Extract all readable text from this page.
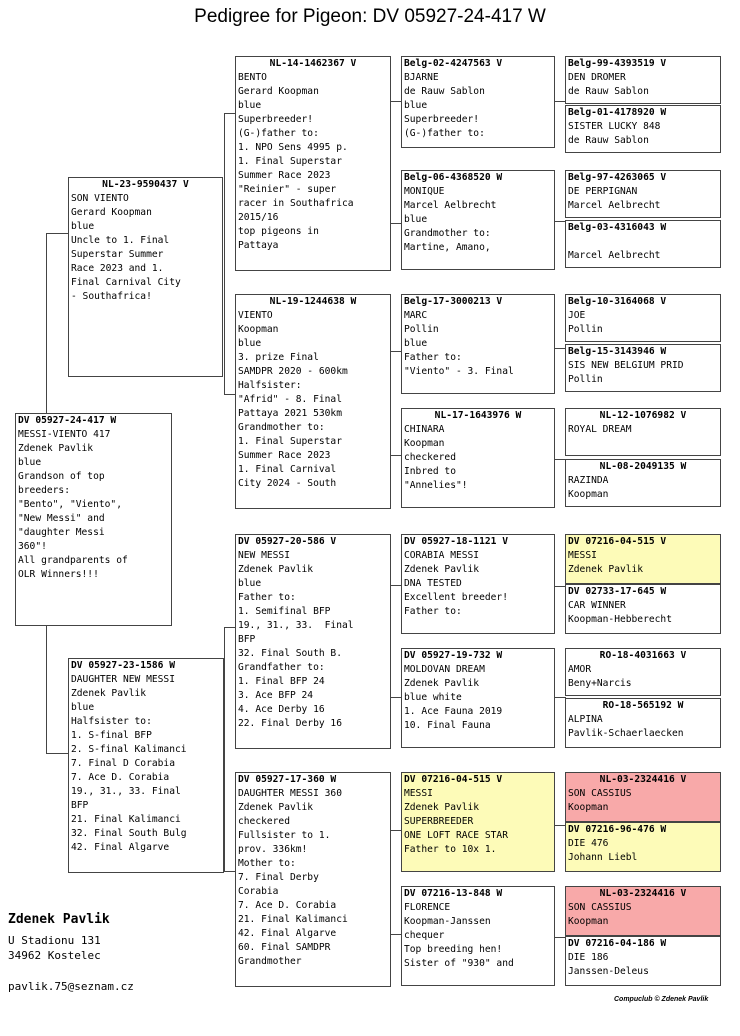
Pedigree for Pigeon: DV 05927-24-417 W
DV 05927-24-417 W
MESSI-VIENTO 417
Zdenek Pavlik
blue
Grandson of top
breeders:
"Bento", "Viento",
"New Messi" and
"daughter Messi
360"!
All grandparents of
OLR Winners!!!
NL-23-9590437 V
SON VIENTO
Gerard Koopman
blue
Uncle to 1. Final
Superstar Summer
Race 2023 and 1.
Final Carnival City
- Southafrica!
DV 05927-23-1586 W
DAUGHTER NEW MESSI
Zdenek Pavlik
blue
Halfsister to:
1. S-final BFP
2. S-final Kalimanci
7. Final D Corabia
7. Ace D. Corabia
19., 31., 33. Final
BFP
21. Final Kalimanci
32. Final South Bulg
42. Final Algarve
NL-14-1462367 V
BENTO
Gerard Koopman
blue
Superbreeder!
(G-)father to:
1. NPO Sens 4995 p.
1. Final Superstar
Summer Race 2023
"Reinier" - super
racer in Southafrica
2015/16
top pigeons in
Pattaya
NL-19-1244638 W
VIENTO
Koopman
blue
3. prize Final
SAMDPR 2020 - 600km
Halfsister:
"Afrid" - 8. Final
Pattaya 2021 530km
Grandmother to:
1. Final Superstar
Summer Race 2023
1. Final Carnival
City 2024 - South
DV 05927-20-586 V
NEW MESSI
Zdenek Pavlik
blue
Father to:
1. Semifinal BFP
19., 31., 33.  Final
BFP
32. Final South B.
Grandfather to:
1. Final BFP 24
3. Ace BFP 24
4. Ace Derby 16
22. Final Derby 16
DV 05927-17-360 W
DAUGHTER MESSI 360
Zdenek Pavlik
checkered
Fullsister to 1.
prov. 336km!
Mother to:
7. Final Derby
Corabia
7. Ace D. Corabia
21. Final Kalimanci
42. Final Algarve
60. Final SAMDPR
Grandmother
Belg-02-4247563 V
BJARNE
de Rauw Sablon
blue
Superbreeder!
(G-)father to:
Belg-06-4368520 W
MONIQUE
Marcel Aelbrecht
blue
Grandmother to:
Martine, Amano,
Belg-17-3000213 V
MARC
Pollin
blue
Father to:
"Viento" - 3. Final
NL-17-1643976 W
CHINARA
Koopman
checkered
Inbred to
"Annelies"!
DV 05927-18-1121 V
CORABIA MESSI
Zdenek Pavlik
DNA TESTED
Excellent breeder!
Father to:
DV 05927-19-732 W
MOLDOVAN DREAM
Zdenek Pavlik
blue white
1. Ace Fauna 2019
10. Final Fauna
DV 07216-04-515 V
MESSI
Zdenek Pavlik
SUPERBREEDER
ONE LOFT RACE STAR
Father to 10x 1.
DV 07216-13-848 W
FLORENCE
Koopman-Janssen
chequer
Top breeding hen!
Sister of "930" and
Belg-99-4393519 V
DEN DROMER
de Rauw Sablon
Belg-01-4178920 W
SISTER LUCKY 848
de Rauw Sablon
Belg-97-4263065 V
DE PERPIGNAN
Marcel Aelbrecht
Belg-03-4316043 W
Marcel Aelbrecht
Belg-10-3164068 V
JOE
Pollin
Belg-15-3143946 W
SIS NEW BELGIUM PRID
Pollin
NL-12-1076982 V
ROYAL DREAM
NL-08-2049135 W
RAZINDA
Koopman
DV 07216-04-515 V
MESSI
Zdenek Pavlik
DV 02733-17-645 W
CAR WINNER
Koopman-Hebberecht
RO-18-4031663 V
AMOR
Beny+Narcis
RO-18-565192 W
ALPINA
Pavlik-Schaerlaecken
NL-03-2324416 V
SON CASSIUS
Koopman
DV 07216-96-476 W
DIE 476
Johann Liebl
NL-03-2324416 V
SON CASSIUS
Koopman
DV 07216-04-186 W
DIE 186
Janssen-Deleus
Zdenek Pavlik
U Stadionu 131
34962 Kostelec
pavlik.75@seznam.cz
Compuclub © Zdenek Pavlik
